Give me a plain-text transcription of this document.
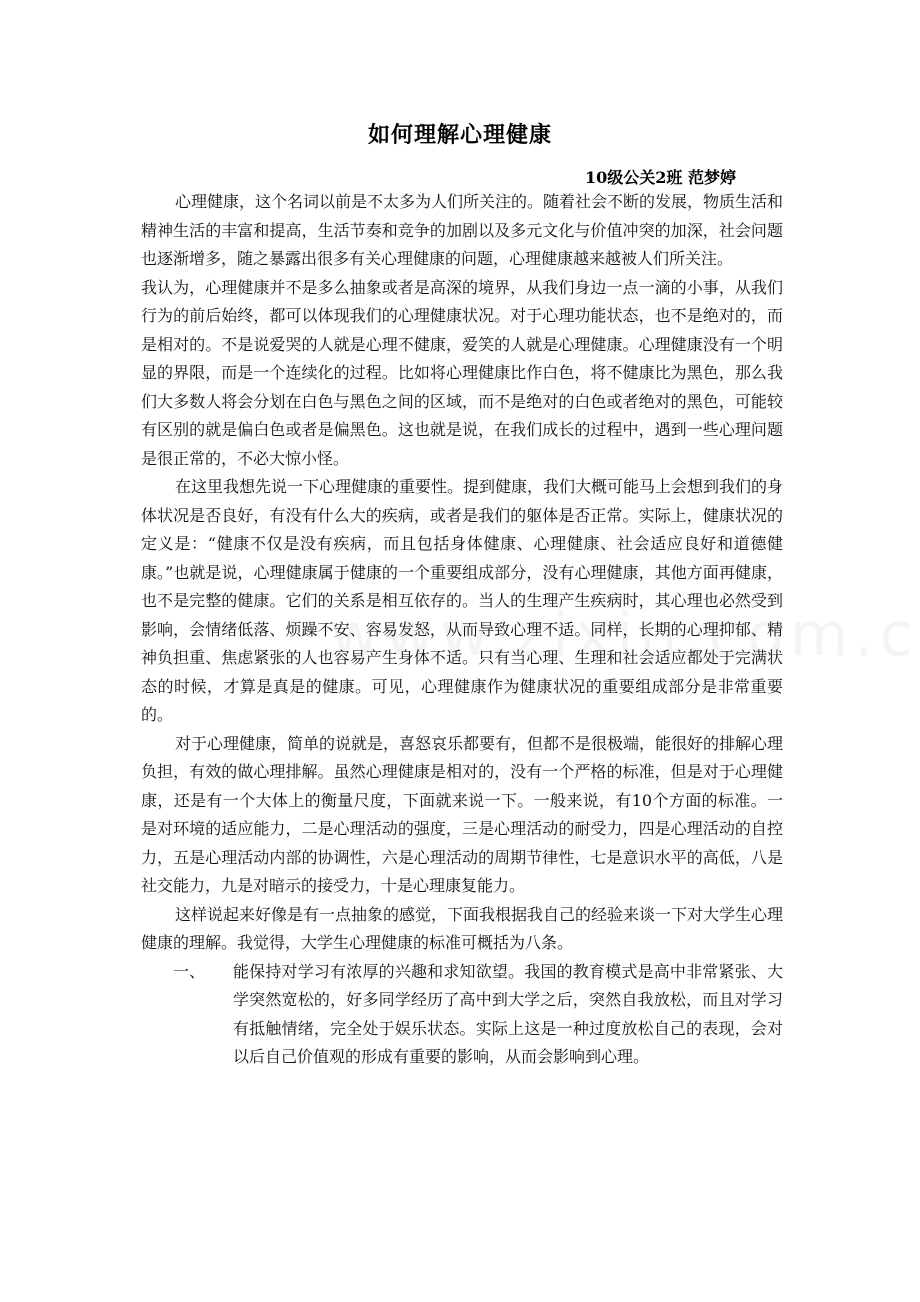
如何理解心理健康
10级公关2班 范梦婷

心理健康，这个名词以前是不太多为人们所关注的。随着社会不断的发展，物质生活和精神生活的丰富和提高，生活节奏和竞争的加剧以及多元文化与价值冲突的加深，社会问题也逐渐增多，随之暴露出很多有关心理健康的问题，心理健康越来越被人们所关注。

我认为，心理健康并不是多么抽象或者是高深的境界，从我们身边一点一滴的小事，从我们行为的前后始终，都可以体现我们的心理健康状况。对于心理功能状态，也不是绝对的，而是相对的。不是说爱哭的人就是心理不健康，爱笑的人就是心理健康。心理健康没有一个明显的界限，而是一个连续化的过程。比如将心理健康比作白色，将不健康比为黑色，那么我们大多数人将会分划在白色与黑色之间的区域，而不是绝对的白色或者绝对的黑色，可能较有区别的就是偏白色或者是偏黑色。这也就是说，在我们成长的过程中，遇到一些心理问题是很正常的，不必大惊小怪。

在这里我想先说一下心理健康的重要性。提到健康，我们大概可能马上会想到我们的身体状况是否良好，有没有什么大的疾病，或者是我们的躯体是否正常。实际上，健康状况的定义是：“健康不仅是没有疾病，而且包括身体健康、心理健康、社会适应良好和道德健康。”也就是说，心理健康属于健康的一个重要组成部分，没有心理健康，其他方面再健康，也不是完整的健康。它们的关系是相互依存的。当人的生理产生疾病时，其心理也必然受到影响，会情绪低落、烦躁不安、容易发怒，从而导致心理不适。同样，长期的心理抑郁、精神负担重、焦虑紧张的人也容易产生身体不适。只有当心理、生理和社会适应都处于完满状态的时候，才算是真是的健康。可见，心理健康作为健康状况的重要组成部分是非常重要的。

对于心理健康，简单的说就是，喜怒哀乐都要有，但都不是很极端，能很好的排解心理负担，有效的做心理排解。虽然心理健康是相对的，没有一个严格的标准，但是对于心理健康，还是有一个大体上的衡量尺度，下面就来说一下。一般来说，有10个方面的标准。一是对环境的适应能力，二是心理活动的强度，三是心理活动的耐受力，四是心理活动的自控力，五是心理活动内部的协调性，六是心理活动的周期节律性，七是意识水平的高低，八是社交能力，九是对暗示的接受力，十是心理康复能力。

这样说起来好像是有一点抽象的感觉，下面我根据我自己的经验来谈一下对大学生心理健康的理解。我觉得，大学生心理健康的标准可概括为八条。

一、 能保持对学习有浓厚的兴趣和求知欲望。我国的教育模式是高中非常紧张、大学突然宽松的，好多同学经历了高中到大学之后，突然自我放松，而且对学习有抵触情绪，完全处于娱乐状态。实际上这是一种过度放松自己的表现，会对以后自己价值观的形成有重要的影响，从而会影响到心理。
